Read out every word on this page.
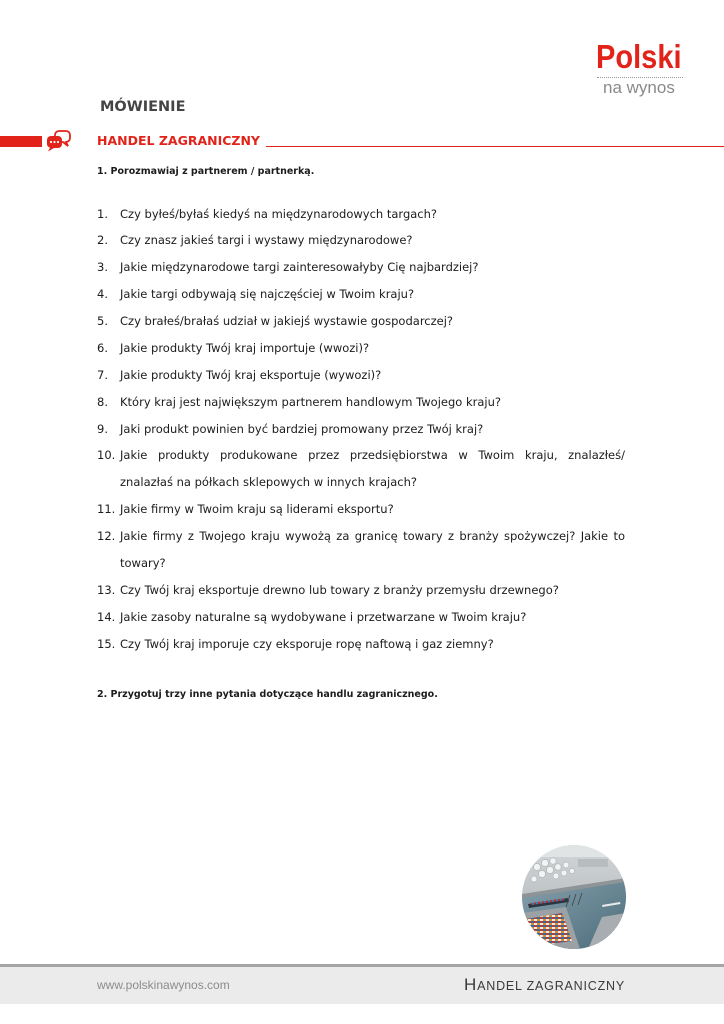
Polski
na wynos
MÓWIENIE
HANDEL ZAGRANICZNY
1. Porozmawiaj z partnerem / partnerką.
1.	Czy byłeś/byłaś kiedyś na międzynarodowych targach?
2.	Czy znasz jakieś targi i wystawy międzynarodowe?
3.	Jakie międzynarodowe targi zainteresowałyby Cię najbardziej?
4.	Jakie targi odbywają się najczęściej w Twoim kraju?
5.	Czy brałeś/brałaś udział w jakiejś wystawie gospodarczej?
6.	Jakie produkty Twój kraj importuje (wwozi)?
7.	Jakie produkty Twój kraj eksportuje (wywozi)?
8.	Który kraj jest największym partnerem handlowym Twojego kraju?
9.	Jaki produkt powinien być bardziej promowany przez Twój kraj?
10. Jakie produkty produkowane przez przedsiębiorstwa w Twoim kraju, znalazłeś/
znalazłaś na półkach sklepowych w innych krajach?
11. Jakie firmy w Twoim kraju są liderami eksportu?
12. Jakie firmy z Twojego kraju wywożą za granicę towary z branży spożywczej? Jakie to
towary?
13. Czy Twój kraj eksportuje drewno lub towary z branży przemysłu drzewnego?
14. Jakie zasoby naturalne są wydobywane i przetwarzane w Twoim kraju?
15. Czy Twój kraj imporuje czy eksporuje ropę naftową i gaz ziemny?
2. Przygotuj trzy inne pytania dotyczące handlu zagranicznego.
www.polskinawynos.com	HANDEL ZAGRANICZNY
